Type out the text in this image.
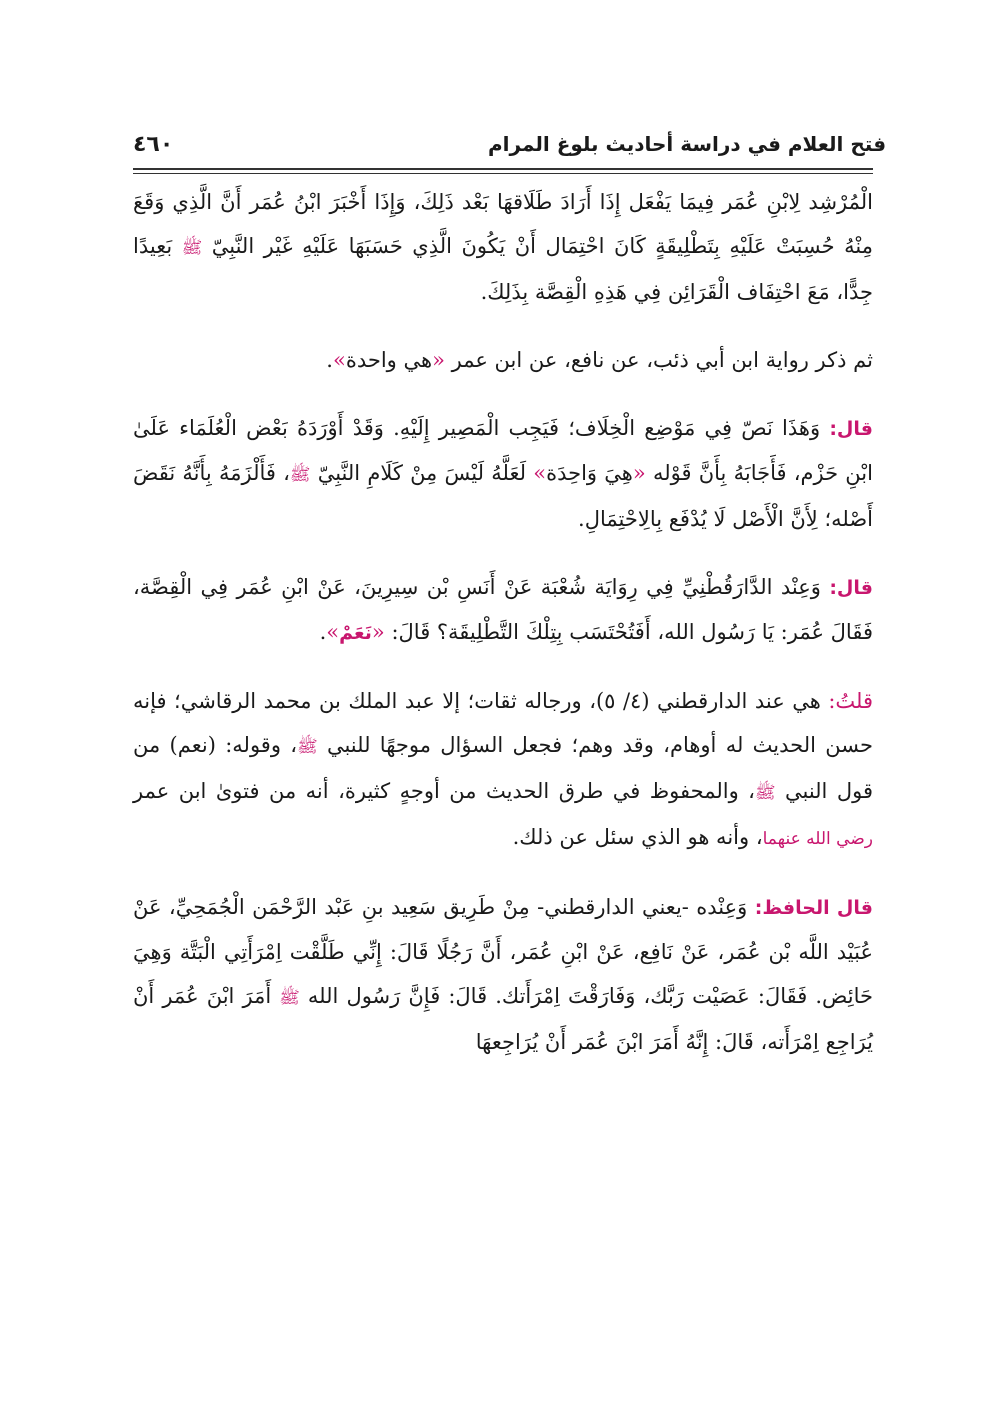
٤٦٠	فتح العلام في دراسة أحاديث بلوغ المرام

الْمُرْشِد لِابْنِ عُمَر فِيمَا يَفْعَل إِذَا أَرَادَ طَلَاقهَا بَعْد ذَلِكَ، وَإِذَا أَخْبَرَ ابْنُ عُمَر أَنَّ الَّذِي وَقَعَ مِنْهُ حُسِبَتْ عَلَيْهِ بِتَطْلِيقَةٍ كَانَ احْتِمَال أَنْ يَكُونَ الَّذِي حَسَبَهَا عَلَيْهِ غَيْر النَّبِيّ ﷺ بَعِيدًا جِدًّا، مَعَ احْتِفَاف الْقَرَائِن فِي هَذِهِ الْقِصَّة بِذَلِكَ.

ثم ذكر رواية ابن أبي ذئب، عن نافع، عن ابن عمر «هي واحدة».

قال: وَهَذَا نَصّ فِي مَوْضِع الْخِلَاف؛ فَيَجِب الْمَصِير إِلَيْهِ. وَقَدْ أَوْرَدَهُ بَعْض الْعُلَمَاء عَلَىٰ ابْنِ حَزْم، فَأَجَابَهُ بِأَنَّ قَوْله «هِيَ وَاحِدَة» لَعَلَّهُ لَيْسَ مِنْ كَلَامِ النَّبِيّ ﷺ، فَأَلْزَمَهُ بِأَنَّهُ نَقَضَ أَصْله؛ لِأَنَّ الْأَصْل لَا يُدْفَع بِالِاحْتِمَالِ.

قال: وَعِنْد الدَّارَقُطْنِيِّ فِي رِوَايَة شُعْبَة عَنْ أَنَسِ بْن سِيرِينَ، عَنْ ابْنِ عُمَر فِي الْقِصَّة، فَقَالَ عُمَر: يَا رَسُول الله، أَفَتُحْتَسَب بِتِلْكَ التَّطْلِيقَة؟ قَالَ: «نَعَمْ».

قلتُ: هي عند الدارقطني (٤/ ٥)، ورجاله ثقات؛ إلا عبد الملك بن محمد الرقاشي؛ فإنه حسن الحديث له أوهام، وقد وهم؛ فجعل السؤال موجهًا للنبي ﷺ، وقوله: (نعم) من قول النبي ﷺ، والمحفوظ في طرق الحديث من أوجهٍ كثيرة، أنه من فتوىٰ ابن عمر رضي الله عنهما، وأنه هو الذي سئل عن ذلك.

قال الحافظ: وَعِنْده -يعني الدارقطني- مِنْ طَرِيق سَعِيد بنِ عَبْد الرَّحْمَن الْجُمَحِيِّ، عَنْ عُبَيْد اللَّه بْن عُمَر، عَنْ نَافِع، عَنْ ابْنِ عُمَر، أَنَّ رَجُلًا قَالَ: إِنِّي طَلَّقْت اِمْرَأَتِي الْبَتَّة وَهِيَ حَائِض. فَقَالَ: عَصَيْت رَبَّك، وَفَارَقْتَ اِمْرَأَتك. قَالَ: فَإِنَّ رَسُول الله ﷺ أَمَرَ ابْنَ عُمَر أَنْ يُرَاجِع اِمْرَأَته، قَالَ: إِنَّهُ أَمَرَ ابْنَ عُمَر أَنْ يُرَاجِعهَا
